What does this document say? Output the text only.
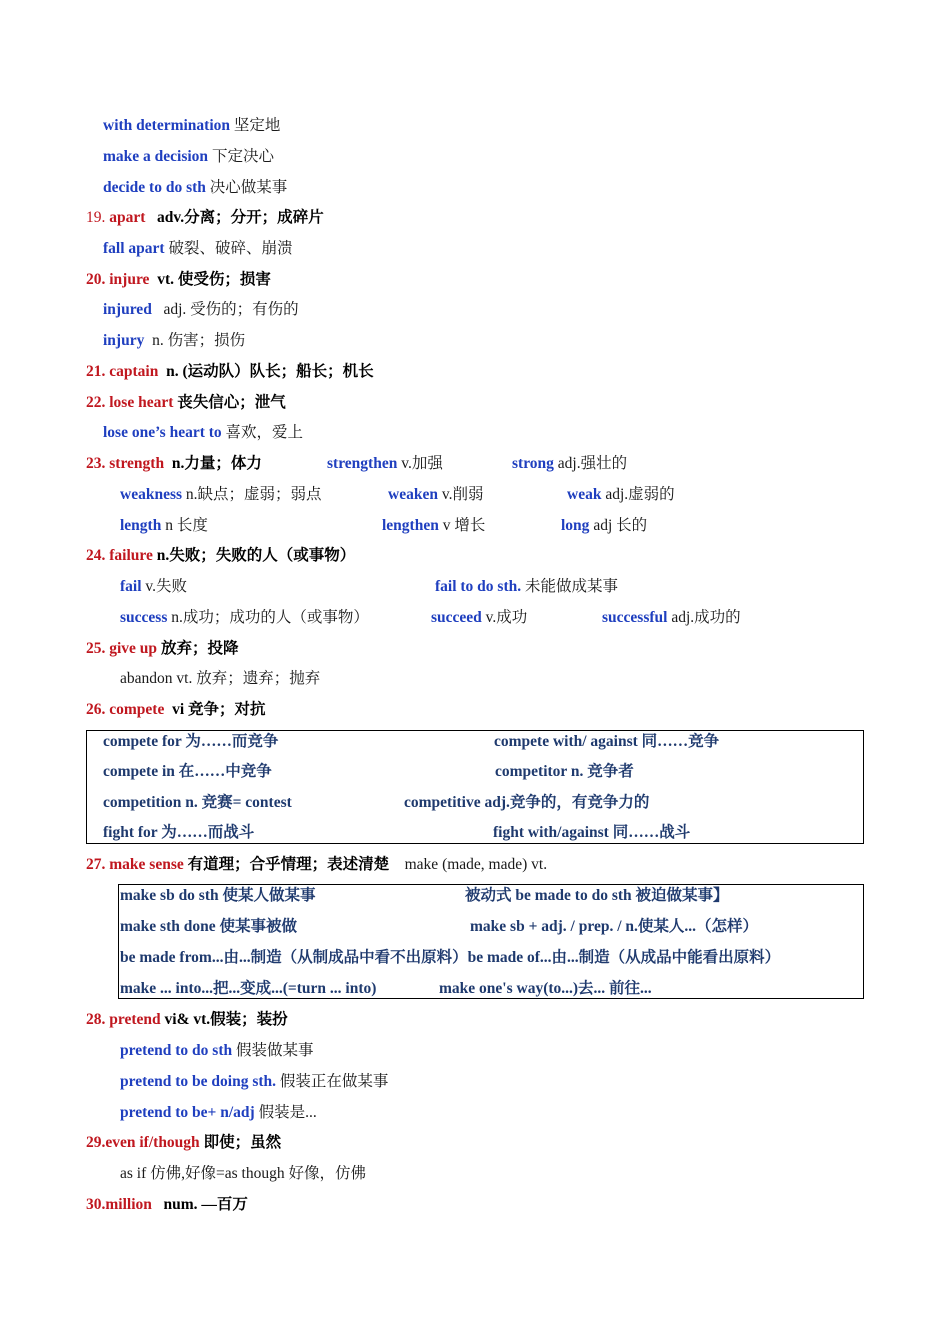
with determination 坚定地
make a decision 下定决心
decide to do sth 决心做某事
19. apart adv.分离；分开；成碎片
fall apart 破裂、破碎、崩溃
20. injure vt. 使受伤；损害
injured adj. 受伤的；有伤的
injury n. 伤害；损伤
21. captain n. (运动队）队长；船长；机长
22. lose heart 丧失信心；泄气
lose one’s heart to 喜欢，爱上
23. strength n.力量；体力	strengthen v.加强	strong adj.强壮的
weakness n.缺点；虚弱；弱点	weaken v.削弱	weak adj.虚弱的
length n 长度	lengthen v 增长	long adj 长的
24. failure n.失败；失败的人（或事物）
fail v.失败	fail to do sth. 未能做成某事
success n.成功；成功的人（或事物）	succeed v.成功	successful adj.成功的
25. give up 放弃；投降
abandon vt. 放弃；遗弃；抛弃
26. compete vi 竞争；对抗
compete for 为……而竞争	compete with/ against 同……竞争
compete in 在……中竞争	competitor n. 竞争者
competition n. 竞赛= contest	competitive adj.竞争的，有竞争力的
fight for 为……而战斗	fight with/against 同……战斗
27. make sense 有道理；合乎情理；表述清楚 make (made, made) vt.
make sb do sth 使某人做某事	被动式 be made to do sth 被迫做某事】
make sth done 使某事被做	make sb + adj. / prep. / n.使某人...（怎样）
be made from...由...制造（从制成品中看不出原料）be made of...由...制造（从成品中能看出原料）
make ... into...把...变成...(=turn ... into)	make one's way(to...)去... 前往...
28. pretend vi& vt.假装；装扮
pretend to do sth 假装做某事
pretend to be doing sth. 假装正在做某事
pretend to be+ n/adj 假装是...
29.even if/though 即使；虽然
as if 仿佛,好像=as though 好像，仿佛
30.million num. —百万
